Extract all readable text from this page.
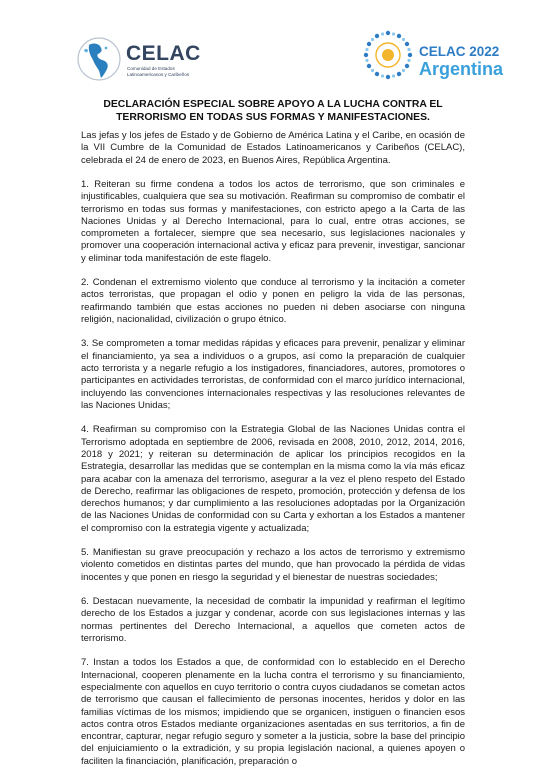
CELAC
Comunidad de Estados Latinoamericanos y Caribeños
CELAC 2022
Argentina
DECLARACIÓN ESPECIAL SOBRE APOYO A LA LUCHA CONTRA EL TERRORISMO EN TODAS SUS FORMAS Y MANIFESTACIONES.

Las jefas y los jefes de Estado y de Gobierno de América Latina y el Caribe, en ocasión de la VII Cumbre de la Comunidad de Estados Latinoamericanos y Caribeños (CELAC), celebrada el 24 de enero de 2023, en Buenos Aires, República Argentina.

1. Reiteran su firme condena a todos los actos de terrorismo, que son criminales e injustificables, cualquiera que sea su motivación. Reafirman su compromiso de combatir el terrorismo en todas sus formas y manifestaciones, con estricto apego a la Carta de las Naciones Unidas y al Derecho Internacional, para lo cual, entre otras acciones, se comprometen a fortalecer, siempre que sea necesario, sus legislaciones nacionales y promover una cooperación internacional activa y eficaz para prevenir, investigar, sancionar y eliminar toda manifestación de este flagelo.

2. Condenan el extremismo violento que conduce al terrorismo y la incitación a cometer actos terroristas, que propagan el odio y ponen en peligro la vida de las personas, reafirmando también que estas acciones no pueden ni deben asociarse con ninguna religión, nacionalidad, civilización o grupo étnico.

3. Se comprometen a tomar medidas rápidas y eficaces para prevenir, penalizar y eliminar el financiamiento, ya sea a individuos o a grupos, así como la preparación de cualquier acto terrorista y a negarle refugio a los instigadores, financiadores, autores, promotores o participantes en actividades terroristas, de conformidad con el marco jurídico internacional, incluyendo las convenciones internacionales respectivas y las resoluciones relevantes de las Naciones Unidas;

4. Reafirman su compromiso con la Estrategia Global de las Naciones Unidas contra el Terrorismo adoptada en septiembre de 2006, revisada en 2008, 2010, 2012, 2014, 2016, 2018 y 2021; y reiteran su determinación de aplicar los principios recogidos en la Estrategia, desarrollar las medidas que se contemplan en la misma como la vía más eficaz para acabar con la amenaza del terrorismo, asegurar a la vez el pleno respeto del Estado de Derecho, reafirmar las obligaciones de respeto, promoción, protección y defensa de los derechos humanos; y dar cumplimiento a las resoluciones adoptadas por la Organización de las Naciones Unidas de conformidad con su Carta y exhortan a los Estados a mantener el compromiso con la estrategia vigente y actualizada;

5. Manifiestan su grave preocupación y rechazo a los actos de terrorismo y extremismo violento cometidos en distintas partes del mundo, que han provocado la pérdida de vidas inocentes y que ponen en riesgo la seguridad y el bienestar de nuestras sociedades;

6. Destacan nuevamente, la necesidad de combatir la impunidad y reafirman el legítimo derecho de los Estados a juzgar y condenar, acorde con sus legislaciones internas y las normas pertinentes del Derecho Internacional, a aquellos que cometen actos de terrorismo.

7. Instan a todos los Estados a que, de conformidad con lo establecido en el Derecho Internacional, cooperen plenamente en la lucha contra el terrorismo y su financiamiento, especialmente con aquellos en cuyo territorio o contra cuyos ciudadanos se cometan actos de terrorismo que causan el fallecimiento de personas inocentes, heridos y dolor en las familias víctimas de los mismos; impidiendo que se organicen, instiguen o financien esos actos contra otros Estados mediante organizaciones asentadas en sus territorios, a fin de encontrar, capturar, negar refugio seguro y someter a la justicia, sobre la base del principio del enjuiciamiento o la extradición, y su propia legislación nacional, a quienes apoyen o faciliten la financiación, planificación, preparación o
